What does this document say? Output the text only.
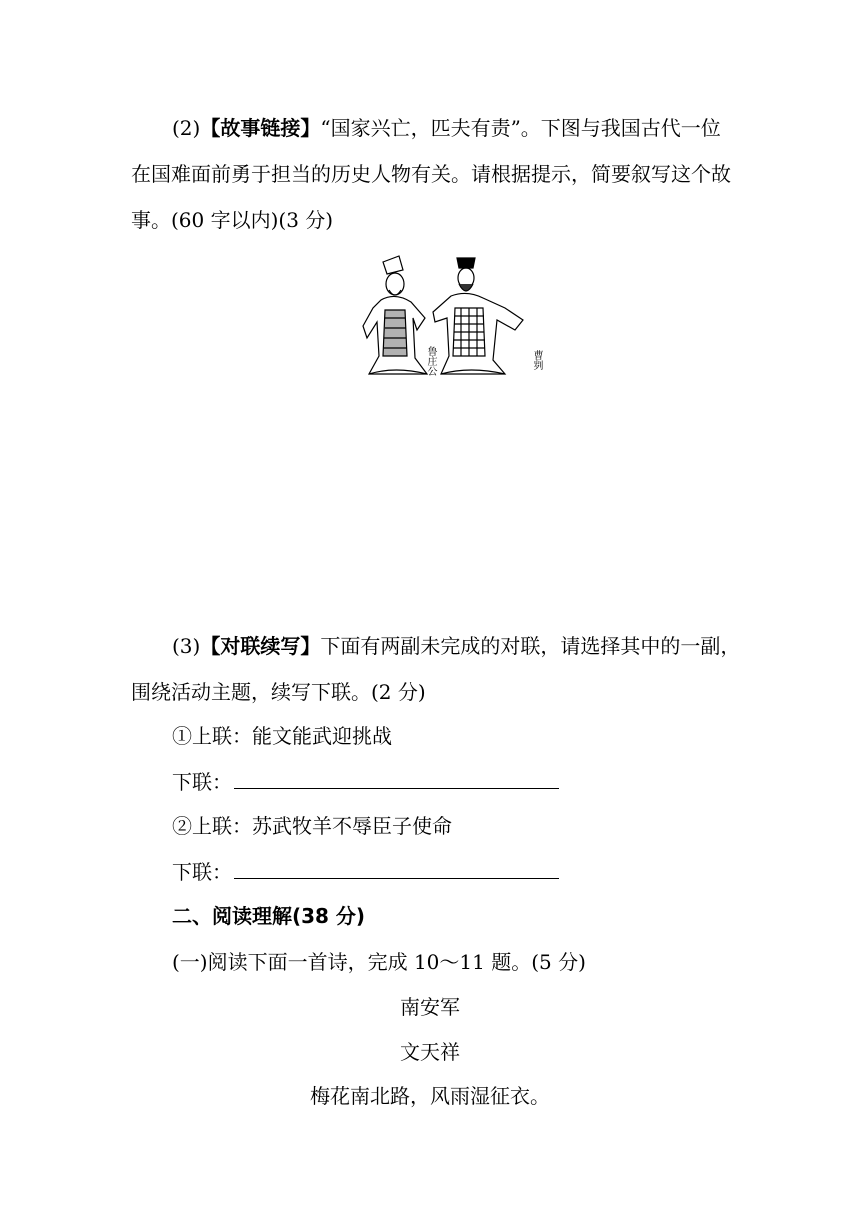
(2)【故事链接】“国家兴亡，匹夫有责”。下图与我国古代一位
在国难面前勇于担当的历史人物有关。请根据提示，简要叙写这个故
事。(60 字以内)(3 分)
鲁庄公	曹刿
(3)【对联续写】下面有两副未完成的对联，请选择其中的一副，
围绕活动主题，续写下联。(2 分)
①上联：能文能武迎挑战
下联：
②上联：苏武牧羊不辱臣子使命
下联：
二、阅读理解(38 分)
(一)阅读下面一首诗，完成 10～11 题。(5 分)
南安军
文天祥
梅花南北路，风雨湿征衣。
